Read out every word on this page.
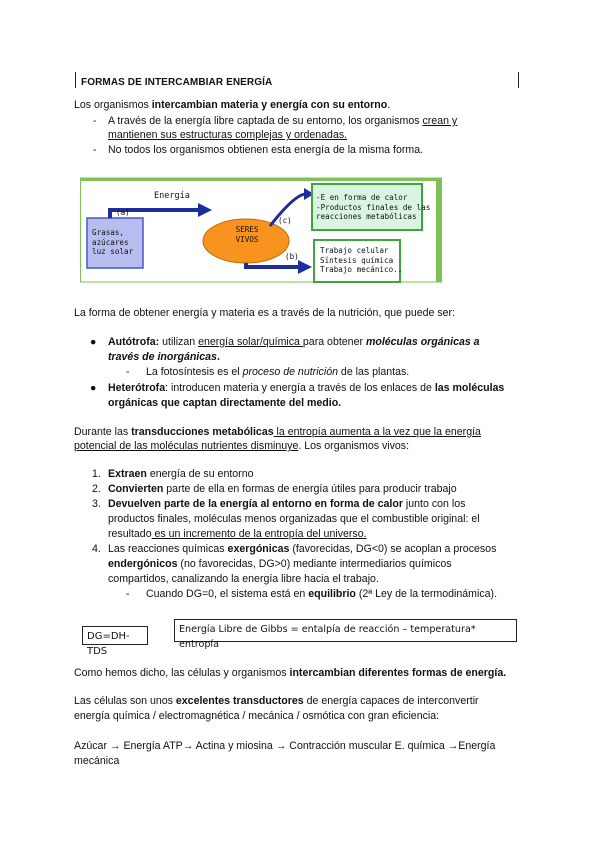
FORMAS DE INTERCAMBIAR ENERGÍA
Los organismos intercambian materia y energía con su entorno.
- A través de la energía libre captada de su entorno, los organismos crean y
mantienen sus estructuras complejas y ordenadas.
- No todos los organismos obtienen esta energía de la misma forma.
Energía
(a)
(b)
(c)
Grasas,
azúcares
luz solar
SERES
VIVOS
-E en forma de calor
-Productos finales de las
reacciones metabólicas
Trabajo celular
Síntesis química
Trabajo mecánico..
La forma de obtener energía y materia es a través de la nutrición, que puede ser:
● Autótrofa: utilizan energía solar/química para obtener moléculas orgánicas a
través de inorgánicas.
- La fotosíntesis es el proceso de nutrición de las plantas.
● Heterótrofa: introducen materia y energía a través de los enlaces de las moléculas
orgánicas que captan directamente del medio.
Durante las transducciones metabólicas la entropía aumenta a la vez que la energía
potencial de las moléculas nutrientes disminuye. Los organismos vivos:
1. Extraen energía de su entorno
2. Convierten parte de ella en formas de energía útiles para producir trabajo
3. Devuelven parte de la energía al entorno en forma de calor junto con los
productos finales, moléculas menos organizadas que el combustible original: el
resultado es un incremento de la entropía del universo.
4. Las reacciones químicas exergónicas (favorecidas, DG<0) se acoplan a procesos
endergónicos (no favorecidas, DG>0) mediante intermediarios químicos
compartidos, canalizando la energía libre hacia el trabajo.
- Cuando DG=0, el sistema está en equilibrio (2ª Ley de la termodinámica).
DG=DH-TDS
Energía Libre de Gibbs = entalpía de reacción – temperatura* entropía
Como hemos dicho, las células y organismos intercambian diferentes formas de energía.
Las células son unos excelentes transductores de energía capaces de interconvertir
energía química / electromagnética / mecánica / osmótica con gran eficiencia:
Azúcar → Energía ATP→ Actina y miosina → Contracción muscular E. química →Energía
mecánica
